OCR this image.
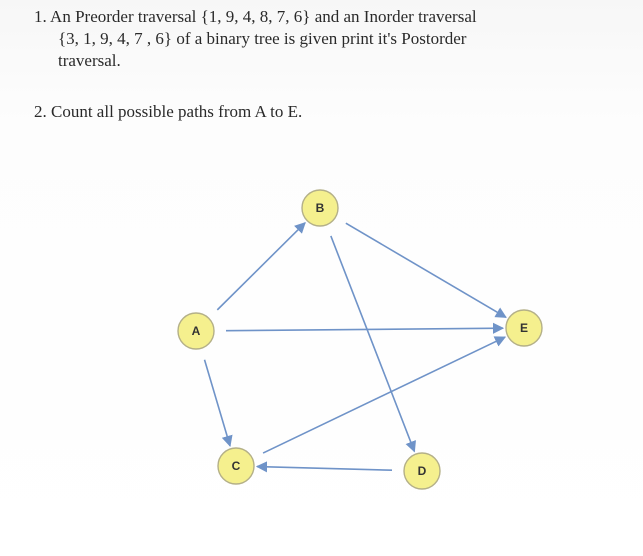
1. An Preorder traversal {1, 9, 4, 8, 7, 6} and an Inorder traversal
{3, 1, 9, 4, 7 , 6} of a binary tree is given print it's Postorder
traversal.

2. Count all possible paths from A to E.

A
B
C	D
E
